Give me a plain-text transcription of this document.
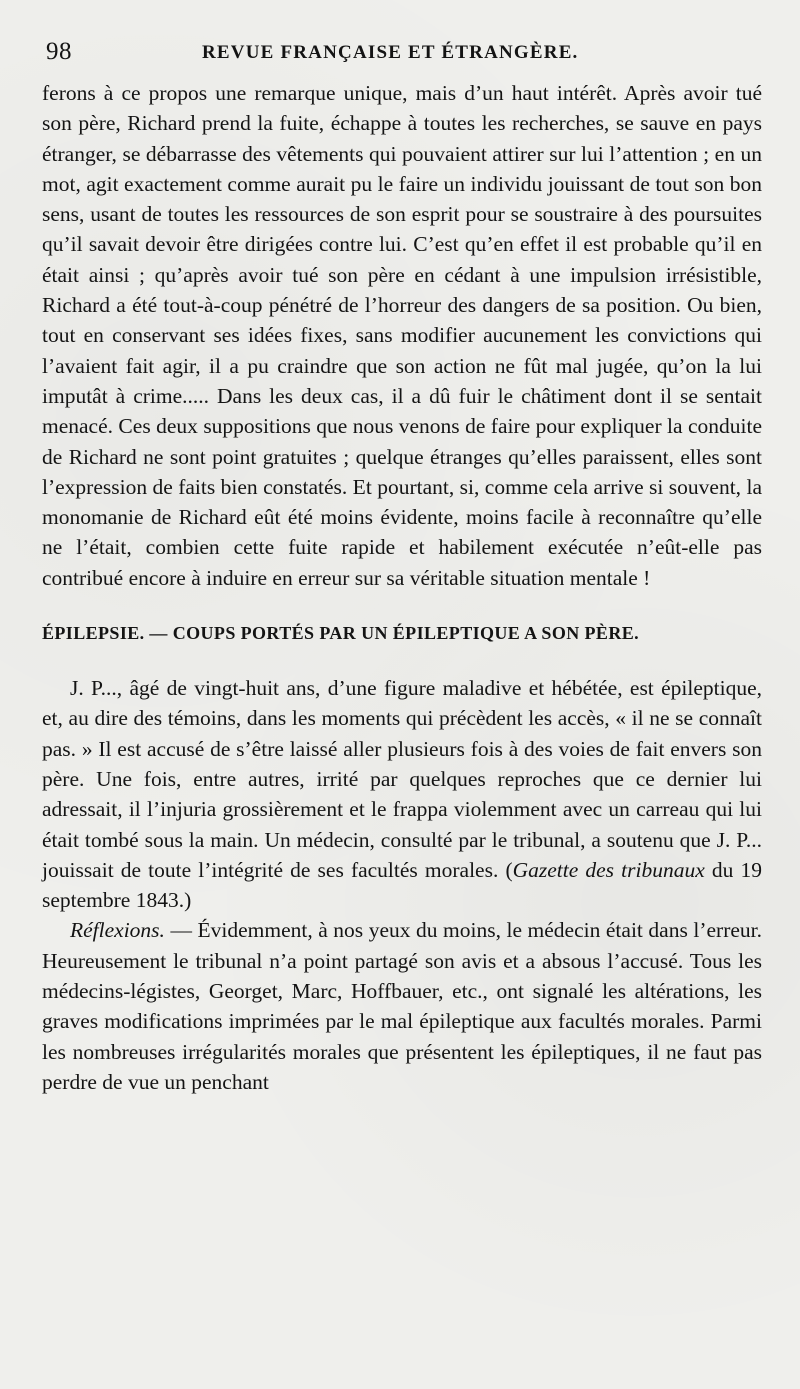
98	REVUE FRANÇAISE ET ÉTRANGÈRE.

ferons à ce propos une remarque unique, mais d’un haut intérêt. Après avoir tué son père, Richard prend la fuite, échappe à toutes les recherches, se sauve en pays étranger, se débarrasse des vêtements qui pouvaient attirer sur lui l’attention ; en un mot, agit exactement comme aurait pu le faire un individu jouissant de tout son bon sens, usant de toutes les ressources de son esprit pour se soustraire à des poursuites qu’il savait devoir être dirigées contre lui. C’est qu’en effet il est probable qu’il en était ainsi ; qu’après avoir tué son père en cédant à une impulsion irrésistible, Richard a été tout-à-coup pénétré de l’horreur des dangers de sa position. Ou bien, tout en conservant ses idées fixes, sans modifier aucunement les convictions qui l’avaient fait agir, il a pu craindre que son action ne fût mal jugée, qu’on la lui imputât à crime..... Dans les deux cas, il a dû fuir le châtiment dont il se sentait menacé. Ces deux suppositions que nous venons de faire pour expliquer la conduite de Richard ne sont point gratuites ; quelque étranges qu’elles paraissent, elles sont l’expression de faits bien constatés. Et pourtant, si, comme cela arrive si souvent, la monomanie de Richard eût été moins évidente, moins facile à reconnaître qu’elle ne l’était, combien cette fuite rapide et habilement exécutée n’eût-elle pas contribué encore à induire en erreur sur sa véritable situation mentale !

ÉPILEPSIE. — COUPS PORTÉS PAR UN ÉPILEPTIQUE A SON PÈRE.

J. P..., âgé de vingt-huit ans, d’une figure maladive et hébétée, est épileptique, et, au dire des témoins, dans les moments qui précèdent les accès, « il ne se connaît pas. » Il est accusé de s’être laissé aller plusieurs fois à des voies de fait envers son père. Une fois, entre autres, irrité par quelques reproches que ce dernier lui adressait, il l’injuria grossièrement et le frappa violemment avec un carreau qui lui était tombé sous la main. Un médecin, consulté par le tribunal, a soutenu que J. P... jouissait de toute l’intégrité de ses facultés morales. (Gazette des tribunaux du 19 septembre 1843.)

Réflexions. — Évidemment, à nos yeux du moins, le médecin était dans l’erreur. Heureusement le tribunal n’a point partagé son avis et a absous l’accusé. Tous les médecins-légistes, Georget, Marc, Hoffbauer, etc., ont signalé les altérations, les graves modifications imprimées par le mal épileptique aux facultés morales. Parmi les nombreuses irrégularités morales que présentent les épileptiques, il ne faut pas perdre de vue un penchant
